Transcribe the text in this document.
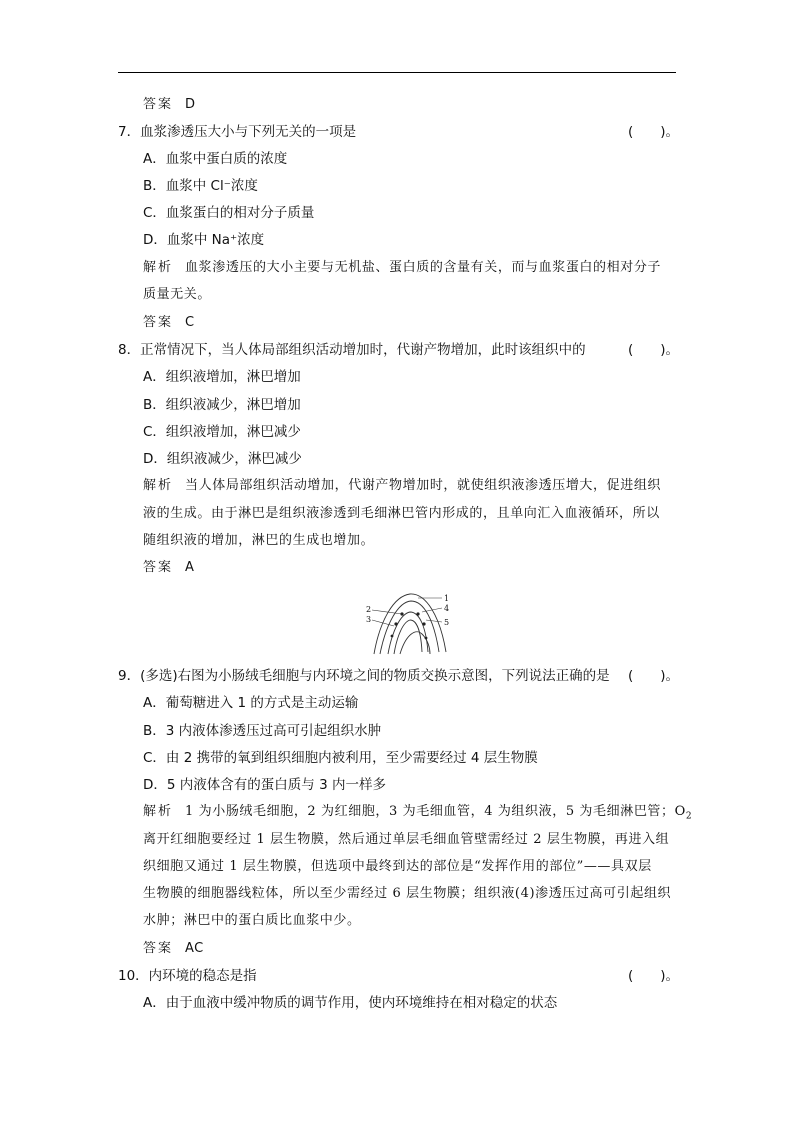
答案 D
7．血浆渗透压大小与下列无关的一项是	(　　)。
A．血浆中蛋白质的浓度
B．血浆中 Cl⁻浓度
C．血浆蛋白的相对分子质量
D．血浆中 Na⁺浓度
解析 血浆渗透压的大小主要与无机盐、蛋白质的含量有关，而与血浆蛋白的相对分子
质量无关。
答案 C
8．正常情况下，当人体局部组织活动增加时，代谢产物增加，此时该组织中的	(　　)。
A．组织液增加，淋巴增加
B．组织液减少，淋巴增加
C．组织液增加，淋巴减少
D．组织液减少，淋巴减少
解析 当人体局部组织活动增加，代谢产物增加时，就使组织液渗透压增大，促进组织
液的生成。由于淋巴是组织液渗透到毛细淋巴管内形成的，且单向汇入血液循环，所以
随组织液的增加，淋巴的生成也增加。
答案 A
1
2
3
4
5
9．(多选)右图为小肠绒毛细胞与内环境之间的物质交换示意图，下列说法正确的是 (　　)。
A．葡萄糖进入 1 的方式是主动运输
B．3 内液体渗透压过高可引起组织水肿
C．由 2 携带的氧到组织细胞内被利用，至少需要经过 4 层生物膜
D．5 内液体含有的蛋白质与 3 内一样多
解析 1 为小肠绒毛细胞，2 为红细胞，3 为毛细血管，4 为组织液，5 为毛细淋巴管；$O_2$
离开红细胞要经过 1 层生物膜，然后通过单层毛细血管壁需经过 2 层生物膜，再进入组
织细胞又通过 1 层生物膜，但选项中最终到达的部位是“发挥作用的部位”——具双层
生物膜的细胞器线粒体，所以至少需经过 6 层生物膜；组织液(4)渗透压过高可引起组织
水肿；淋巴中的蛋白质比血浆中少。
答案 AC
10．内环境的稳态是指	(　　)。
A．由于血液中缓冲物质的调节作用，使内环境维持在相对稳定的状态
